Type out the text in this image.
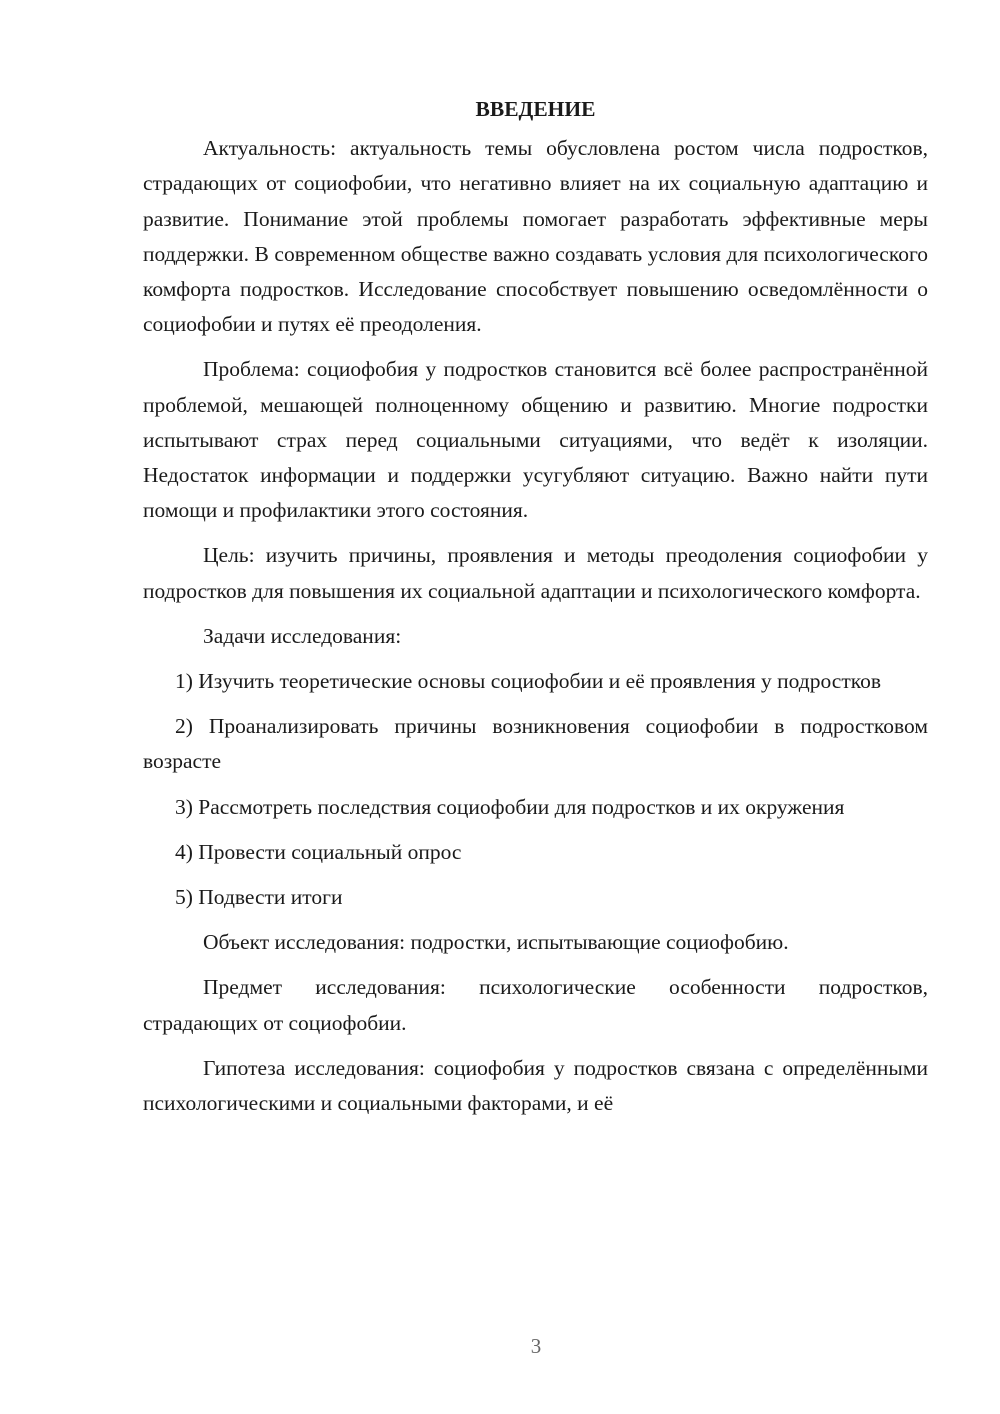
ВВЕДЕНИЕ

Актуальность: актуальность темы обусловлена ростом числа подростков, страдающих от социофобии, что негативно влияет на их социальную адаптацию и развитие. Понимание этой проблемы помогает разработать эффективные меры поддержки. В современном обществе важно создавать условия для психологического комфорта подростков. Исследование способствует повышению осведомлённости о социофобии и путях её преодоления.

Проблема: социофобия у подростков становится всё более распространённой проблемой, мешающей полноценному общению и развитию. Многие подростки испытывают страх перед социальными ситуациями, что ведёт к изоляции. Недостаток информации и поддержки усугубляют ситуацию. Важно найти пути помощи и профилактики этого состояния.

Цель: изучить причины, проявления и методы преодоления социофобии у подростков для повышения их социальной адаптации и психологического комфорта.

Задачи исследования:

1) Изучить теоретические основы социофобии и её проявления у подростков

2) Проанализировать причины возникновения социофобии в подростковом возрасте

3) Рассмотреть последствия социофобии для подростков и их окружения

4) Провести социальный опрос

5) Подвести итоги

Объект исследования: подростки, испытывающие социофобию.

Предмет исследования: психологические особенности подростков, страдающих от социофобии.

Гипотеза исследования: социофобия у подростков связана с определёнными психологическими и социальными факторами, и её

3
